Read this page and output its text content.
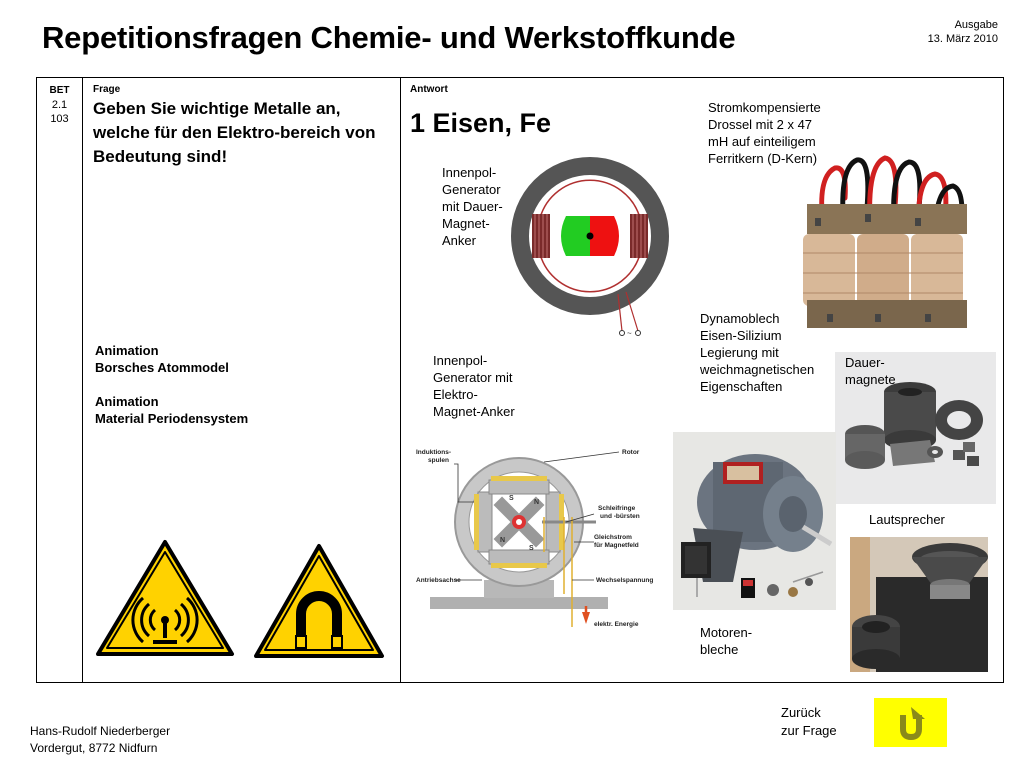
Repetitionsfragen Chemie- und Werkstoffkunde	Ausgabe
13. März 2010
BET
2.1
103
Frage
Geben Sie wichtige Metalle an, welche für den Elektro-bereich von Bedeutung sind!
Animation
Borsches Atommodel
Animation
Material Periodensystem
Antwort
1 Eisen, Fe
Innenpol-
Generator
mit Dauer-
Magnet-
Anker
~
Innenpol-
Generator mit
Elektro-
Magnet-Anker
S
N
N
S
Induktions-
spulen
Rotor
Schleifringe
und -bürsten
Gleichstrom
für Magnetfeld
Antriebsachse	Wechselspannung
elektr. Energie
Stromkompensierte
Drossel mit 2 x 47
mH auf einteiligem
Ferritkern (D-Kern)
Dynamoblech
Eisen-Silizium
Legierung mit
weichmagnetischen
Eigenschaften
Dauer-
magnete
Motoren-
bleche
Lautsprecher
Hans-Rudolf Niederberger
Vordergut, 8772 Nidfurn
Zurück
zur Frage
